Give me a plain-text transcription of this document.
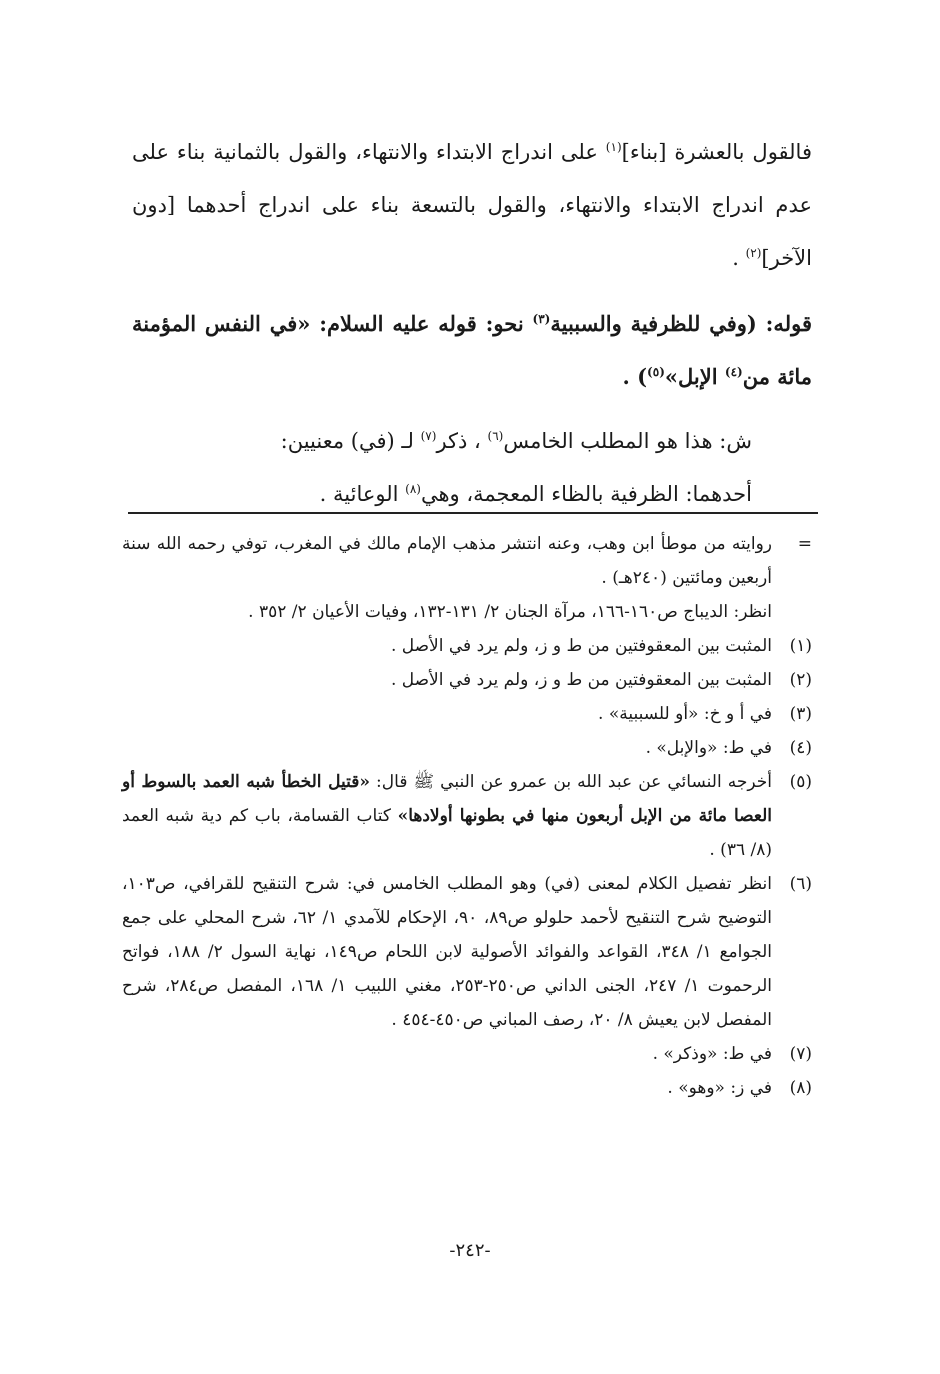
فالقول بالعشرة [بناء]$^{(١)}$ على اندراج الابتداء والانتهاء، والقول بالثمانية بناء على عدم اندراج الابتداء والانتهاء، والقول بالتسعة بناء على اندراج أحدهما [دون الآخر]$^{(٢)}$ .

قوله: (وفي للظرفية والسببية$^{(٣)}$ نحو: قوله عليه السلام: «في النفس المؤمنة مائة من$^{(٤)}$ الإبل»$^{(٥)}$) .

ش: هذا هو المطلب الخامس$^{(٦)}$ ، ذكر$^{(٧)}$ لـ (في) معنيين:

أحدهما: الظرفية بالظاء المعجمة، وهي$^{(٨)}$ الوعائية .

=
روايته من موطأ ابن وهب، وعنه انتشر مذهب الإمام مالك في المغرب، توفي رحمه الله سنة أربعين ومائتين (٢٤٠هـ) .
انظر: الديباج ص١٦٠-١٦٦، مرآة الجنان ٢/ ١٣١-١٣٢، وفيات الأعيان ٢/ ٣٥٢ .
(١)
المثبت بين المعقوفتين من ط و ز، ولم يرد في الأصل .
(٢)
المثبت بين المعقوفتين من ط و ز، ولم يرد في الأصل .
(٣)
في أ و خ: «أو للسببية» .
(٤)
في ط: «والإبل» .
(٥)
أخرجه النسائي عن عبد الله بن عمرو عن النبي ﷺ قال: «قتيل الخطأ شبه العمد بالسوط أو العصا مائة من الإبل أربعون منها في بطونها أولادها» كتاب القسامة، باب كم دية شبه العمد (٨/ ٣٦) .
(٦)
انظر تفصيل الكلام لمعنى (في) وهو المطلب الخامس في: شرح التنقيح للقرافي، ص١٠٣، التوضيح شرح التنقيح لأحمد حلولو ص٨٩، ٩٠، الإحكام للآمدي ١/ ٦٢، شرح المحلي على جمع الجوامع ١/ ٣٤٨، القواعد والفوائد الأصولية لابن اللحام ص١٤٩، نهاية السول ٢/ ١٨٨، فواتح الرحموت ١/ ٢٤٧، الجنى الداني ص٢٥٠-٢٥٣، مغني اللبيب ١/ ١٦٨، المفصل ص٢٨٤، شرح المفصل لابن يعيش ٨/ ٢٠، رصف المباني ص٤٥٠-٤٥٤ .
(٧)
في ط: «وذكر» .
(٨)
في ز: «وهو» .
-٢٤٢-
